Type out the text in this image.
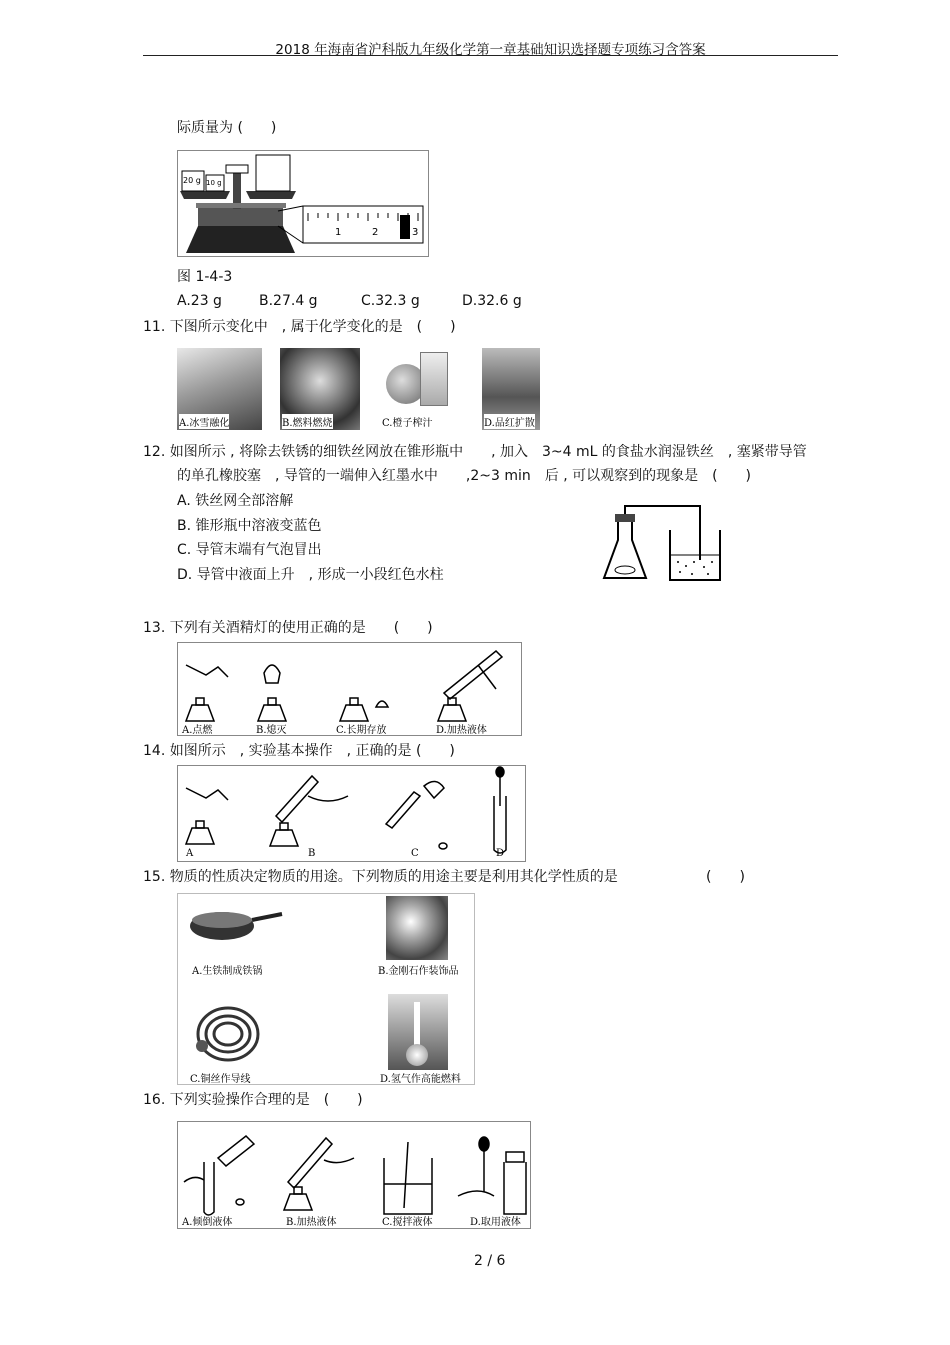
2018 年海南省沪科版九年级化学第一章基础知识选择题专项练习含答案
际质量为 (　　)
20 g 10 g
1	2	3
图 1-4-3
A.23 g	B.27.4 g	C.32.3 g	D.32.6 g
11. 下图所示变化中　, 属于化学变化的是　(　　)
A.冰雪融化	B.燃料燃烧	C.橙子榨汁	D.品红扩散
12. 如图所示 , 将除去铁锈的细铁丝网放在锥形瓶中　　, 加入　3~4 mL 的食盐水润湿铁丝　, 塞紧带导管
的单孔橡胶塞　, 导管的一端伸入红墨水中　　,2~3 min　后 , 可以观察到的现象是　(　　)
A. 铁丝网全部溶解
B. 锥形瓶中溶液变蓝色
C. 导管末端有气泡冒出
D. 导管中液面上升　, 形成一小段红色水柱
13. 下列有关酒精灯的使用正确的是　　(　　)
A.点燃	B.熄灭	C.长期存放	D.加热液体
14. 如图所示　, 实验基本操作　, 正确的是 (　　)
A	B	C	D
15. 物质的性质决定物质的用途。下列物质的用途主要是利用其化学性质的是	(　　)
A.生铁制成铁锅	B.金刚石作装饰品
C.铜丝作导线	D.氢气作高能燃料
16. 下列实验操作合理的是　(　　)
A.倾倒液体	B.加热液体	C.搅拌液体	D.取用液体
2 / 6
